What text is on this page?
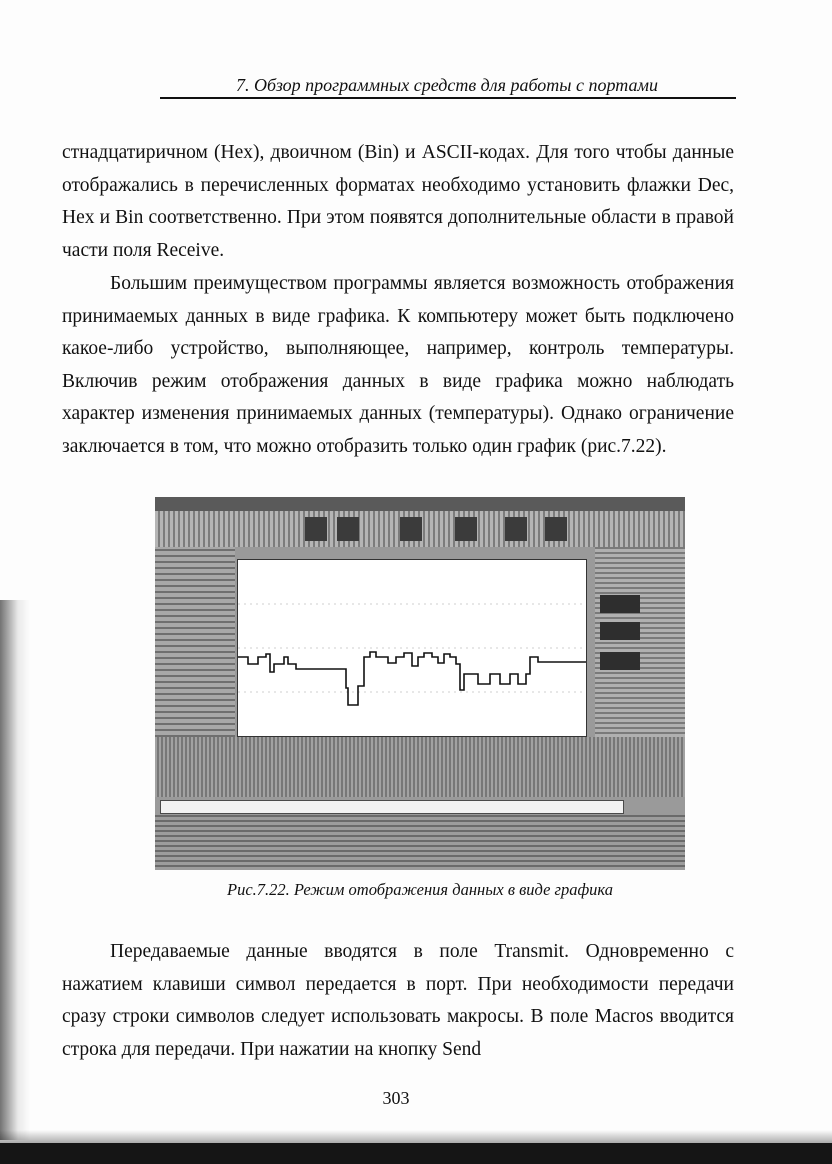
7. Обзор программных средств для работы с портами

стнадцатиричном (Hex), двоичном (Bin) и ASCII-кодах. Для того чтобы данные отображались в перечисленных форматах необходимо установить флажки Dec, Hex и Bin соответственно. При этом появятся дополнительные области в правой части поля Receive.

Большим преимуществом программы является возможность отображения принимаемых данных в виде графика. К компьютеру может быть подключено какое-либо устройство, выполняющее, например, контроль температуры. Включив режим отображения данных в виде графика можно наблюдать характер изменения принимаемых данных (температуры). Однако ограничение заключается в том, что можно отобразить только один график (рис.7.22).

Рис.7.22. Режим отображения данных в виде графика

Передаваемые данные вводятся в поле Transmit. Одновременно с нажатием клавиши символ передается в порт. При необходимости передачи сразу строки символов следует использовать макросы. В поле Macros вводится строка для передачи. При нажатии на кнопку Send

303
